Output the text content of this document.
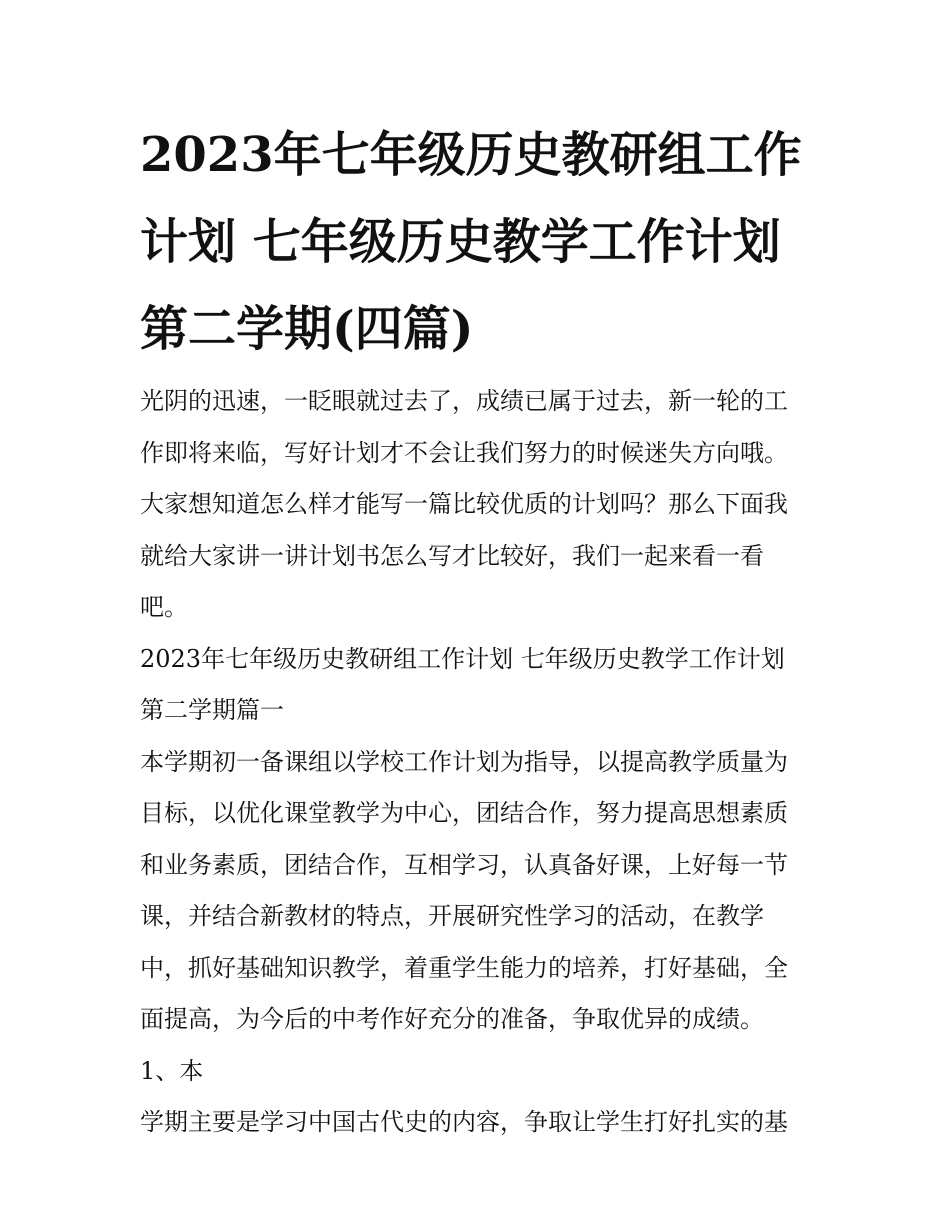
2023年七年级历史教研组工作
计划 七年级历史教学工作计划
第二学期(四篇)

光阴的迅速，一眨眼就过去了，成绩已属于过去，新一轮的工
作即将来临，写好计划才不会让我们努力的时候迷失方向哦。
大家想知道怎么样才能写一篇比较优质的计划吗？那么下面我
就给大家讲一讲计划书怎么写才比较好，我们一起来看一看
吧。

2023年七年级历史教研组工作计划 七年级历史教学工作计划
第二学期篇一

本学期初一备课组以学校工作计划为指导，以提高教学质量为
目标，以优化课堂教学为中心，团结合作，努力提高思想素质
和业务素质，团结合作，互相学习，认真备好课，上好每一节
课，并结合新教材的特点，开展研究性学习的活动，在教学
中，抓好基础知识教学，着重学生能力的培养，打好基础，全
面提高，为今后的中考作好充分的准备，争取优异的成绩。

1、本

学期主要是学习中国古代史的内容，争取让学生打好扎实的基
